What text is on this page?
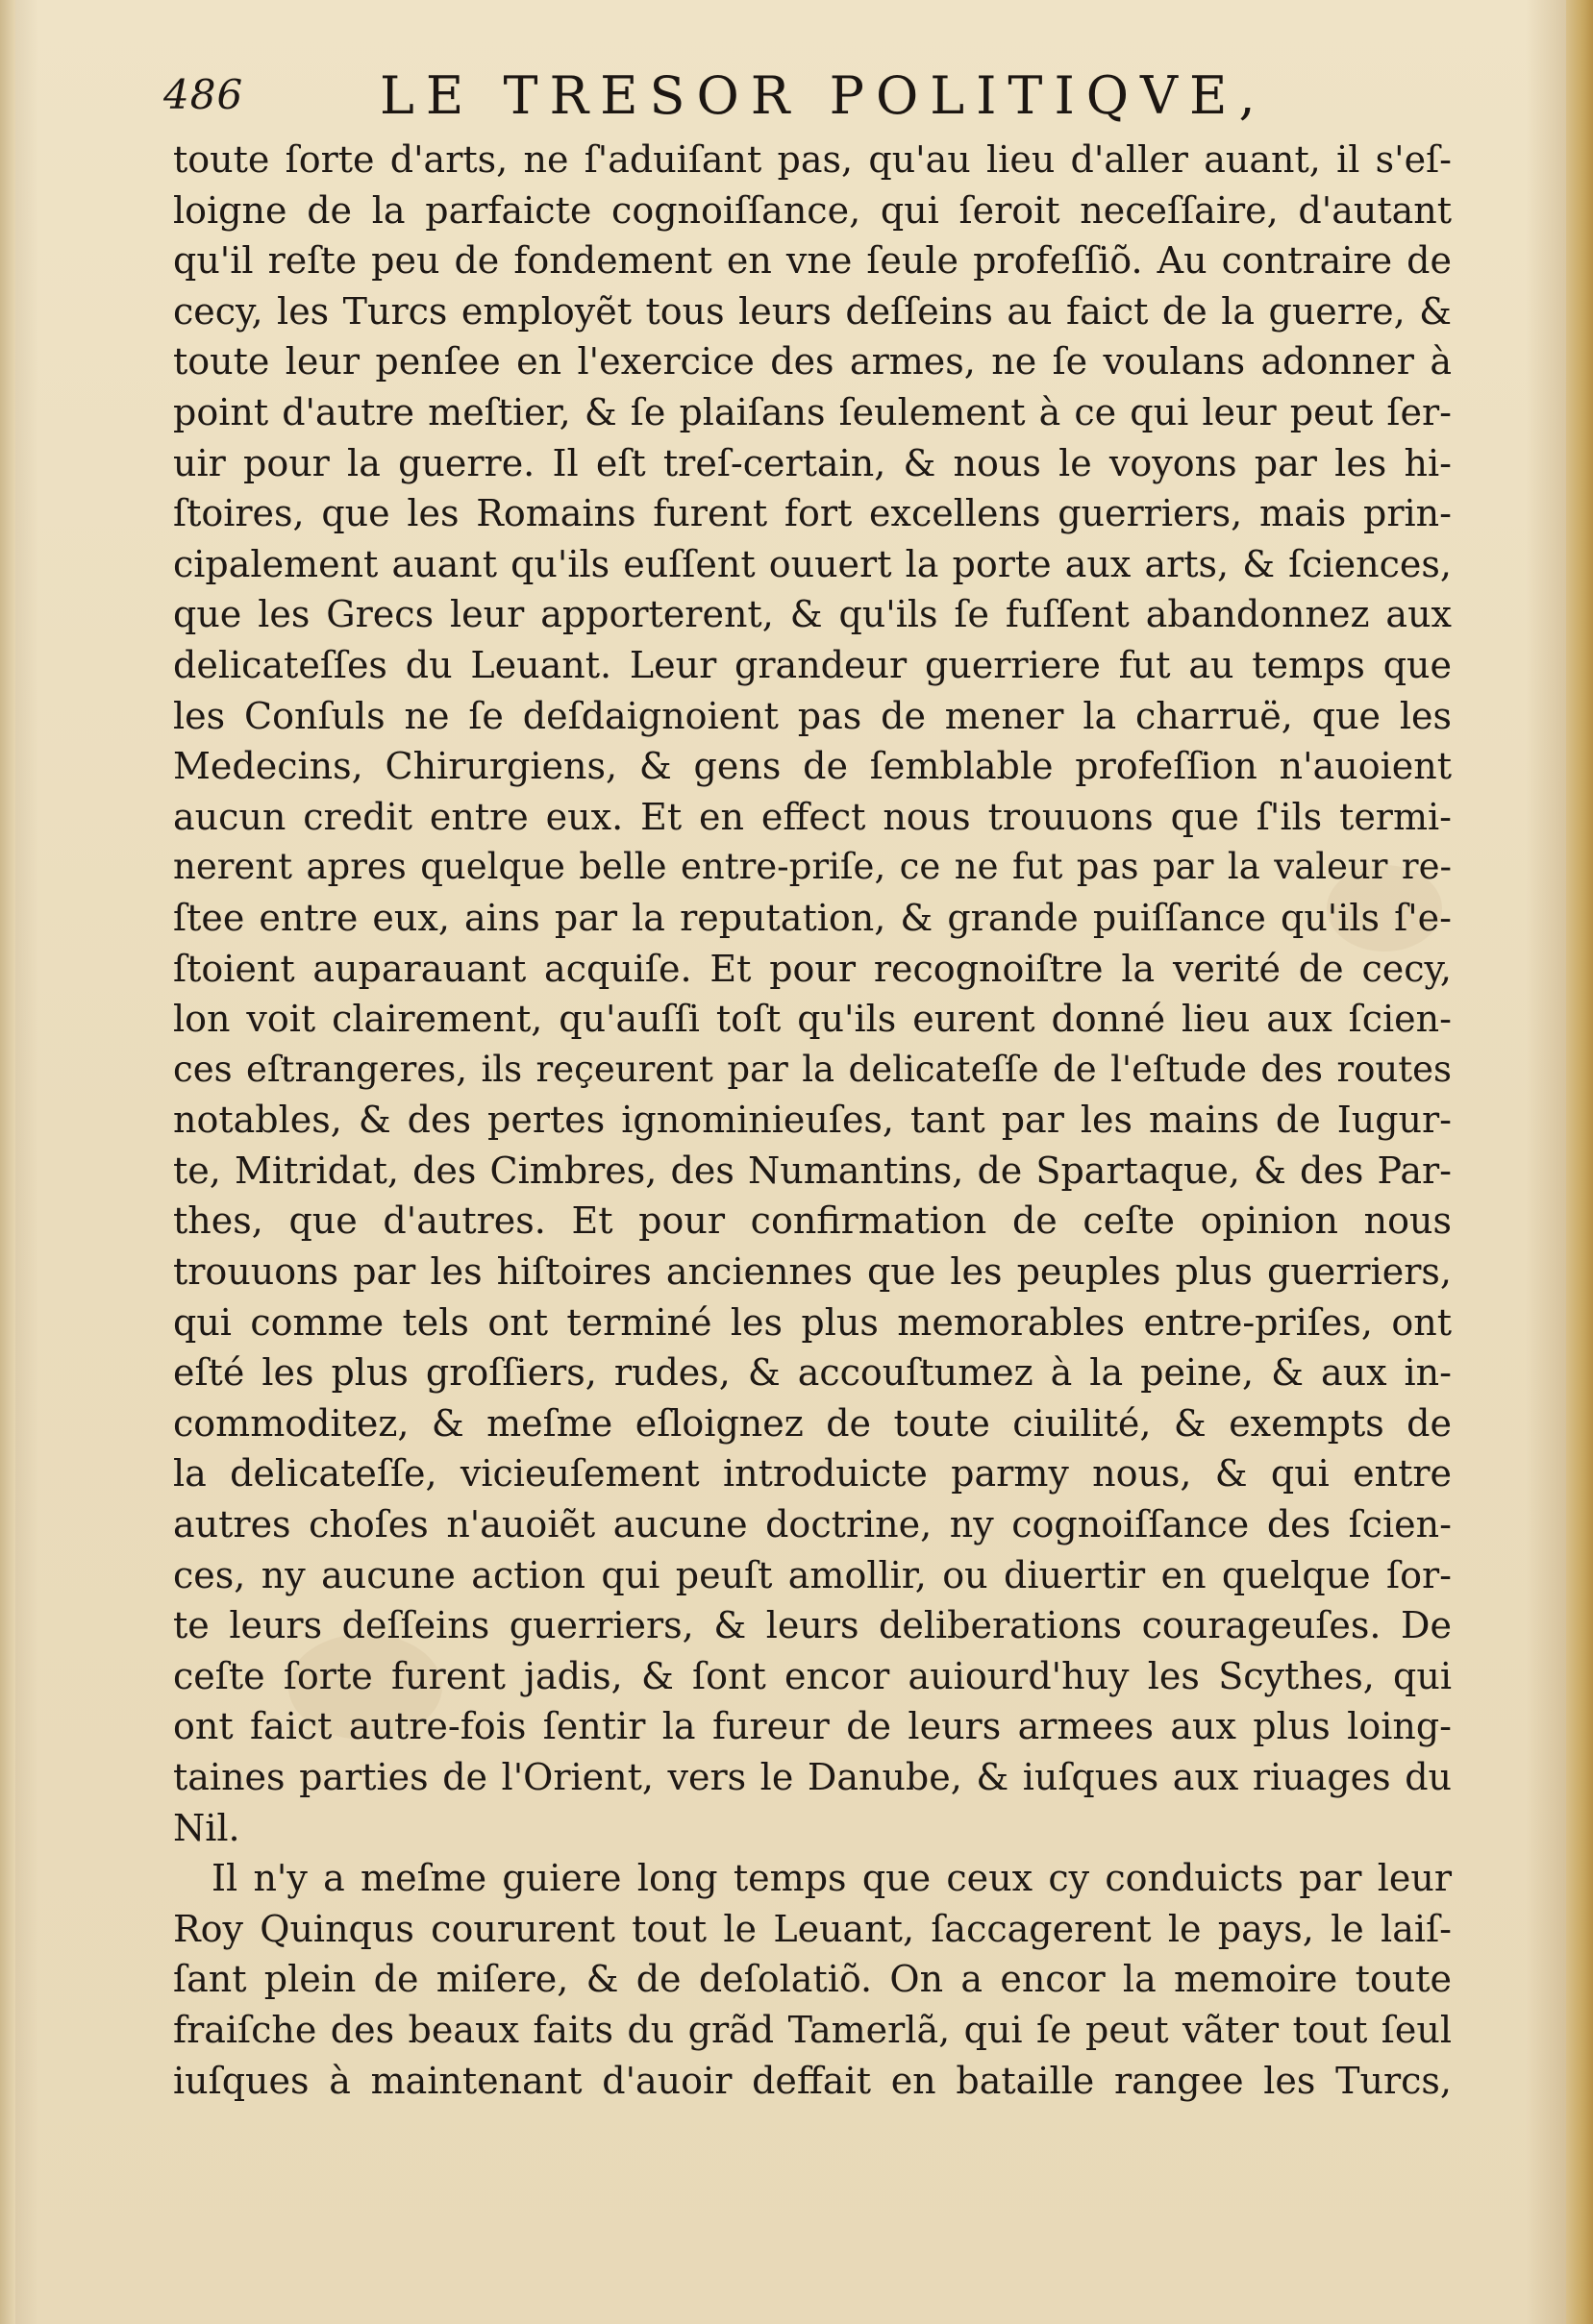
486	LE TRESOR POLITIQVE,
toute ſorte d'arts, ne ſ'aduiſant pas, qu'au lieu d'aller auant, il s'eſ-
loigne de la parfaicte cognoiſſance, qui ſeroit neceſſaire, d'autant
qu'il reſte peu de fondement en vne ſeule profeſſiõ. Au contraire de
cecy, les Turcs employẽt tous leurs deſſeins au faict de la guerre, &
toute leur penſee en l'exercice des armes, ne ſe voulans adonner à
point d'autre meſtier, & ſe plaiſans ſeulement à ce qui leur peut ſer-
uir pour la guerre. Il eſt treſ-certain, & nous le voyons par les hi-
ſtoires, que les Romains furent fort excellens guerriers, mais prin-
cipalement auant qu'ils euſſent ouuert la porte aux arts, & ſciences,
que les Grecs leur apporterent, & qu'ils ſe fuſſent abandonnez aux
delicateſſes du Leuant. Leur grandeur guerriere fut au temps que
les Conſuls ne ſe deſdaignoient pas de mener la charruë, que les
Medecins, Chirurgiens, & gens de ſemblable profeſſion n'auoient
aucun credit entre eux. Et en effect nous trouuons que ſ'ils termi-
nerent apres quelque belle entre-priſe, ce ne fut pas par la valeur re-
ſtee entre eux, ains par la reputation, & grande puiſſance qu'ils ſ'e-
ſtoient auparauant acquiſe. Et pour recognoiſtre la verité de cecy,
lon voit clairement, qu'auſſi toſt qu'ils eurent donné lieu aux ſcien-
ces eſtrangeres, ils reçeurent par la delicateſſe de l'eſtude des routes
notables, & des pertes ignominieuſes, tant par les mains de Iugur-
te, Mitridat, des Cimbres, des Numantins, de Spartaque, & des Par-
thes, que d'autres. Et pour confirmation de ceſte opinion nous
trouuons par les hiſtoires anciennes que les peuples plus guerriers,
qui comme tels ont terminé les plus memorables entre-priſes, ont
eſté les plus groſſiers, rudes, & accouſtumez à la peine, & aux in-
commoditez, & meſme eſloignez de toute ciuilité, & exempts de
la delicateſſe, vicieuſement introduicte parmy nous, & qui entre
autres choſes n'auoiẽt aucune doctrine, ny cognoiſſance des ſcien-
ces, ny aucune action qui peuſt amollir, ou diuertir en quelque ſor-
te leurs deſſeins guerriers, & leurs deliberations courageuſes. De
ceſte ſorte furent jadis, & ſont encor auiourd'huy les Scythes, qui
ont faict autre-fois ſentir la fureur de leurs armees aux plus loing-
taines parties de l'Orient, vers le Danube, & iuſques aux riuages du
Nil.
Il n'y a meſme guiere long temps que ceux cy conduicts par leur
Roy Quinqus coururent tout le Leuant, ſaccagerent le pays, le laiſ-
ſant plein de miſere, & de deſolatiõ. On a encor la memoire toute
fraiſche des beaux faits du grãd Tamerlã, qui ſe peut vãter tout ſeul
iuſques à maintenant d'auoir deffait en bataille rangee les Turcs,
